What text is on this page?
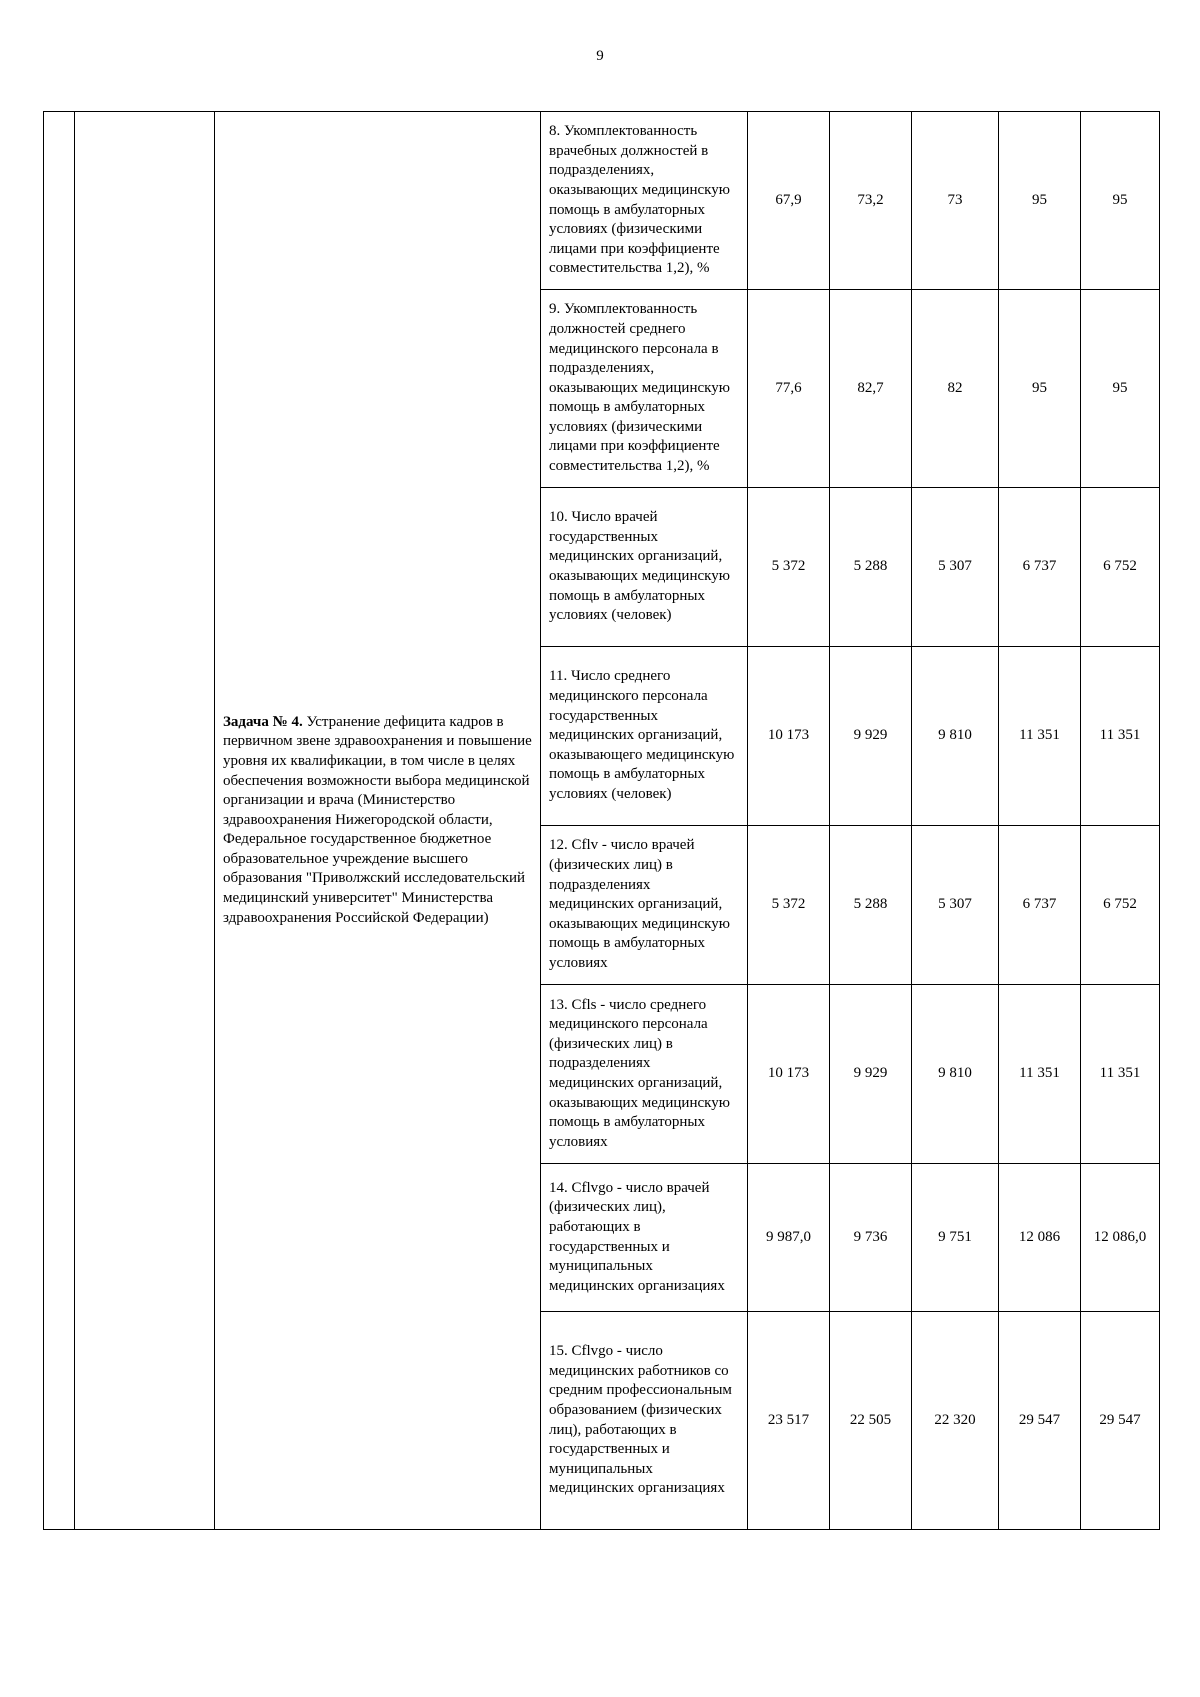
9
		Задача № 4. Устранение дефицита кадров в первичном звене здравоохранения и повышение уровня их квалификации, в том числе в целях обеспечения возможности выбора медицинской организации и врача (Министерство здравоохранения Нижегородской области, Федеральное государственное бюджетное образовательное учреждение высшего образования "Приволжский исследовательский медицинский университет" Министерства здравоохранения Российской Федерации)	8. Укомплектованность врачебных должностей в подразделениях, оказывающих медицинскую помощь в амбулаторных условиях (физическими лицами при коэффициенте совместительства 1,2), %	67,9	73,2	73	95	95
			9. Укомплектованность должностей среднего медицинского персонала в подразделениях, оказывающих медицинскую помощь в амбулаторных условиях (физическими лицами при коэффициенте совместительства 1,2), %	77,6	82,7	82	95	95
			10. Число врачей государственных медицинских организаций, оказывающих медицинскую помощь в амбулаторных условиях (человек)	5 372	5 288	5 307	6 737	6 752
			11. Число среднего медицинского персонала государственных медицинских организаций, оказывающего медицинскую помощь в амбулаторных условиях (человек)	10 173	9 929	9 810	11 351	11 351
			12. Cflv - число врачей (физических лиц) в подразделениях медицинских организаций, оказывающих медицинскую помощь в амбулаторных условиях	5 372	5 288	5 307	6 737	6 752
			13. Cfls - число среднего медицинского персонала (физических лиц) в подразделениях медицинских организаций, оказывающих медицинскую помощь в амбулаторных условиях	10 173	9 929	9 810	11 351	11 351
			14. Cflvgo - число врачей (физических лиц), работающих в государственных и муниципальных медицинских организациях	9 987,0	9 736	9 751	12 086	12 086,0
			15. Cflvgo - число медицинских работников со средним профессиональным образованием (физических лиц), работающих в государственных и муниципальных медицинских организациях	23 517	22 505	22 320	29 547	29 547
